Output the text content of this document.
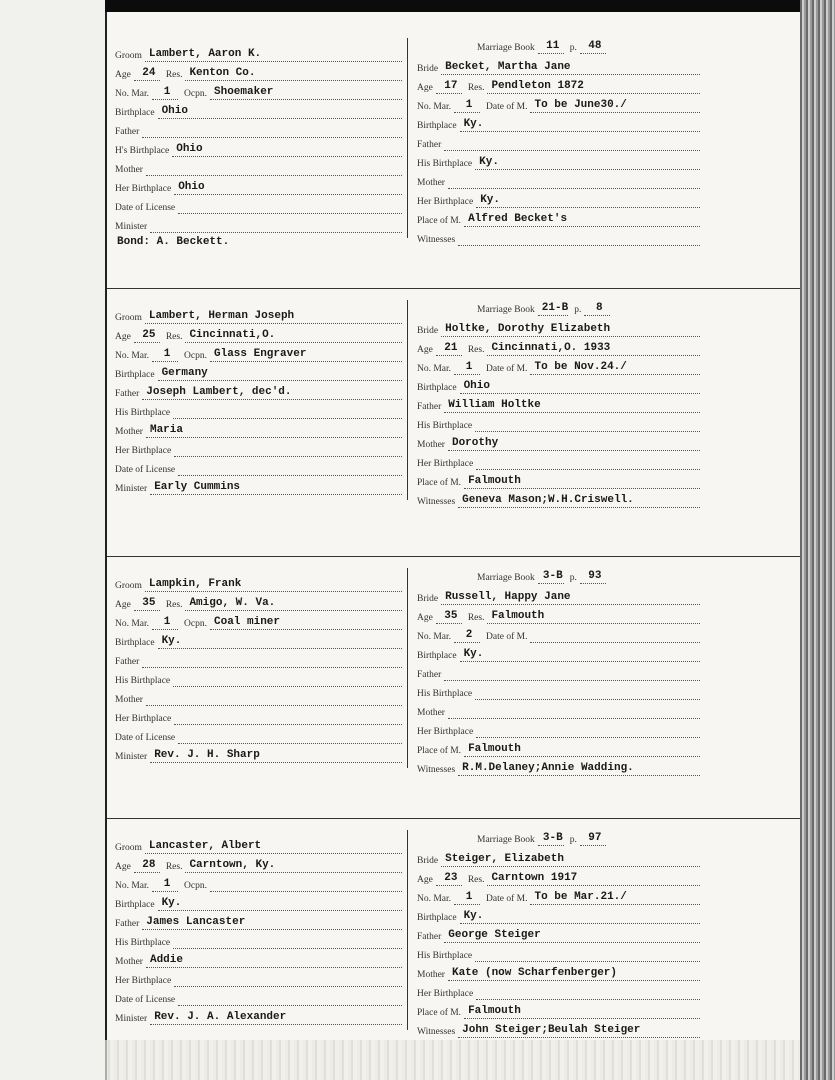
Groom Lambert, Aaron K.
Age	24	Res. Kenton Co.
No. Mar.	1	Ocpn. Shoemaker
Birthplace Ohio
Father
H's Birthplace Ohio
Mother
Her Birthplace Ohio
Date of License
Minister
Bond: A. Beckett.
Marriage Book	11	p.	48
Bride Becket, Martha Jane
Age	17	Res. Pendleton 1872
No. Mar.	1	Date of M. To be June30./
Birthplace Ky.
Father
His Birthplace Ky.
Mother
Her Birthplace Ky.
Place of M. Alfred Becket's
Witnesses
Groom Lambert, Herman Joseph
Age	25	Res. Cincinnati,O.
No. Mar.	1	Ocpn. Glass Engraver
Birthplace Germany
Father Joseph Lambert, dec'd.
His Birthplace
Mother Maria
Her Birthplace
Date of License
Minister Early Cummins
Marriage Book 21-B p.	8
Bride Holtke, Dorothy Elizabeth
Age	21	Res. Cincinnati,O. 1933
No. Mar.	1	Date of M. To be Nov.24./
Birthplace Ohio
Father William Holtke
His Birthplace
Mother Dorothy
Her Birthplace
Place of M. Falmouth
Witnesses Geneva Mason;W.H.Criswell.
Groom Lampkin, Frank
Age	35	Res. Amigo, W. Va.
No. Mar.	1	Ocpn. Coal miner
Birthplace Ky.
Father
His Birthplace
Mother
Her Birthplace
Date of License
Minister Rev. J. H. Sharp
Marriage Book 3-B p.	93
Bride Russell, Happy Jane
Age	35	Res. Falmouth
No. Mar.	2	Date of M.
Birthplace Ky.
Father
His Birthplace
Mother
Her Birthplace
Place of M. Falmouth
Witnesses R.M.Delaney;Annie Wadding.
Groom Lancaster, Albert
Age	28	Res. Carntown, Ky.
No. Mar.	1	Ocpn.
Birthplace Ky.
Father James Lancaster
His Birthplace
Mother Addie
Her Birthplace
Date of License
Minister Rev. J. A. Alexander
Marriage Book 3-B p.	97
Bride Steiger, Elizabeth
Age	23	Res. Carntown 1917
No. Mar.	1	Date of M. To be Mar.21./
Birthplace Ky.
Father George Steiger
His Birthplace
Mother Kate (now Scharfenberger)
Her Birthplace
Place of M. Falmouth
Witnesses John Steiger;Beulah Steiger
